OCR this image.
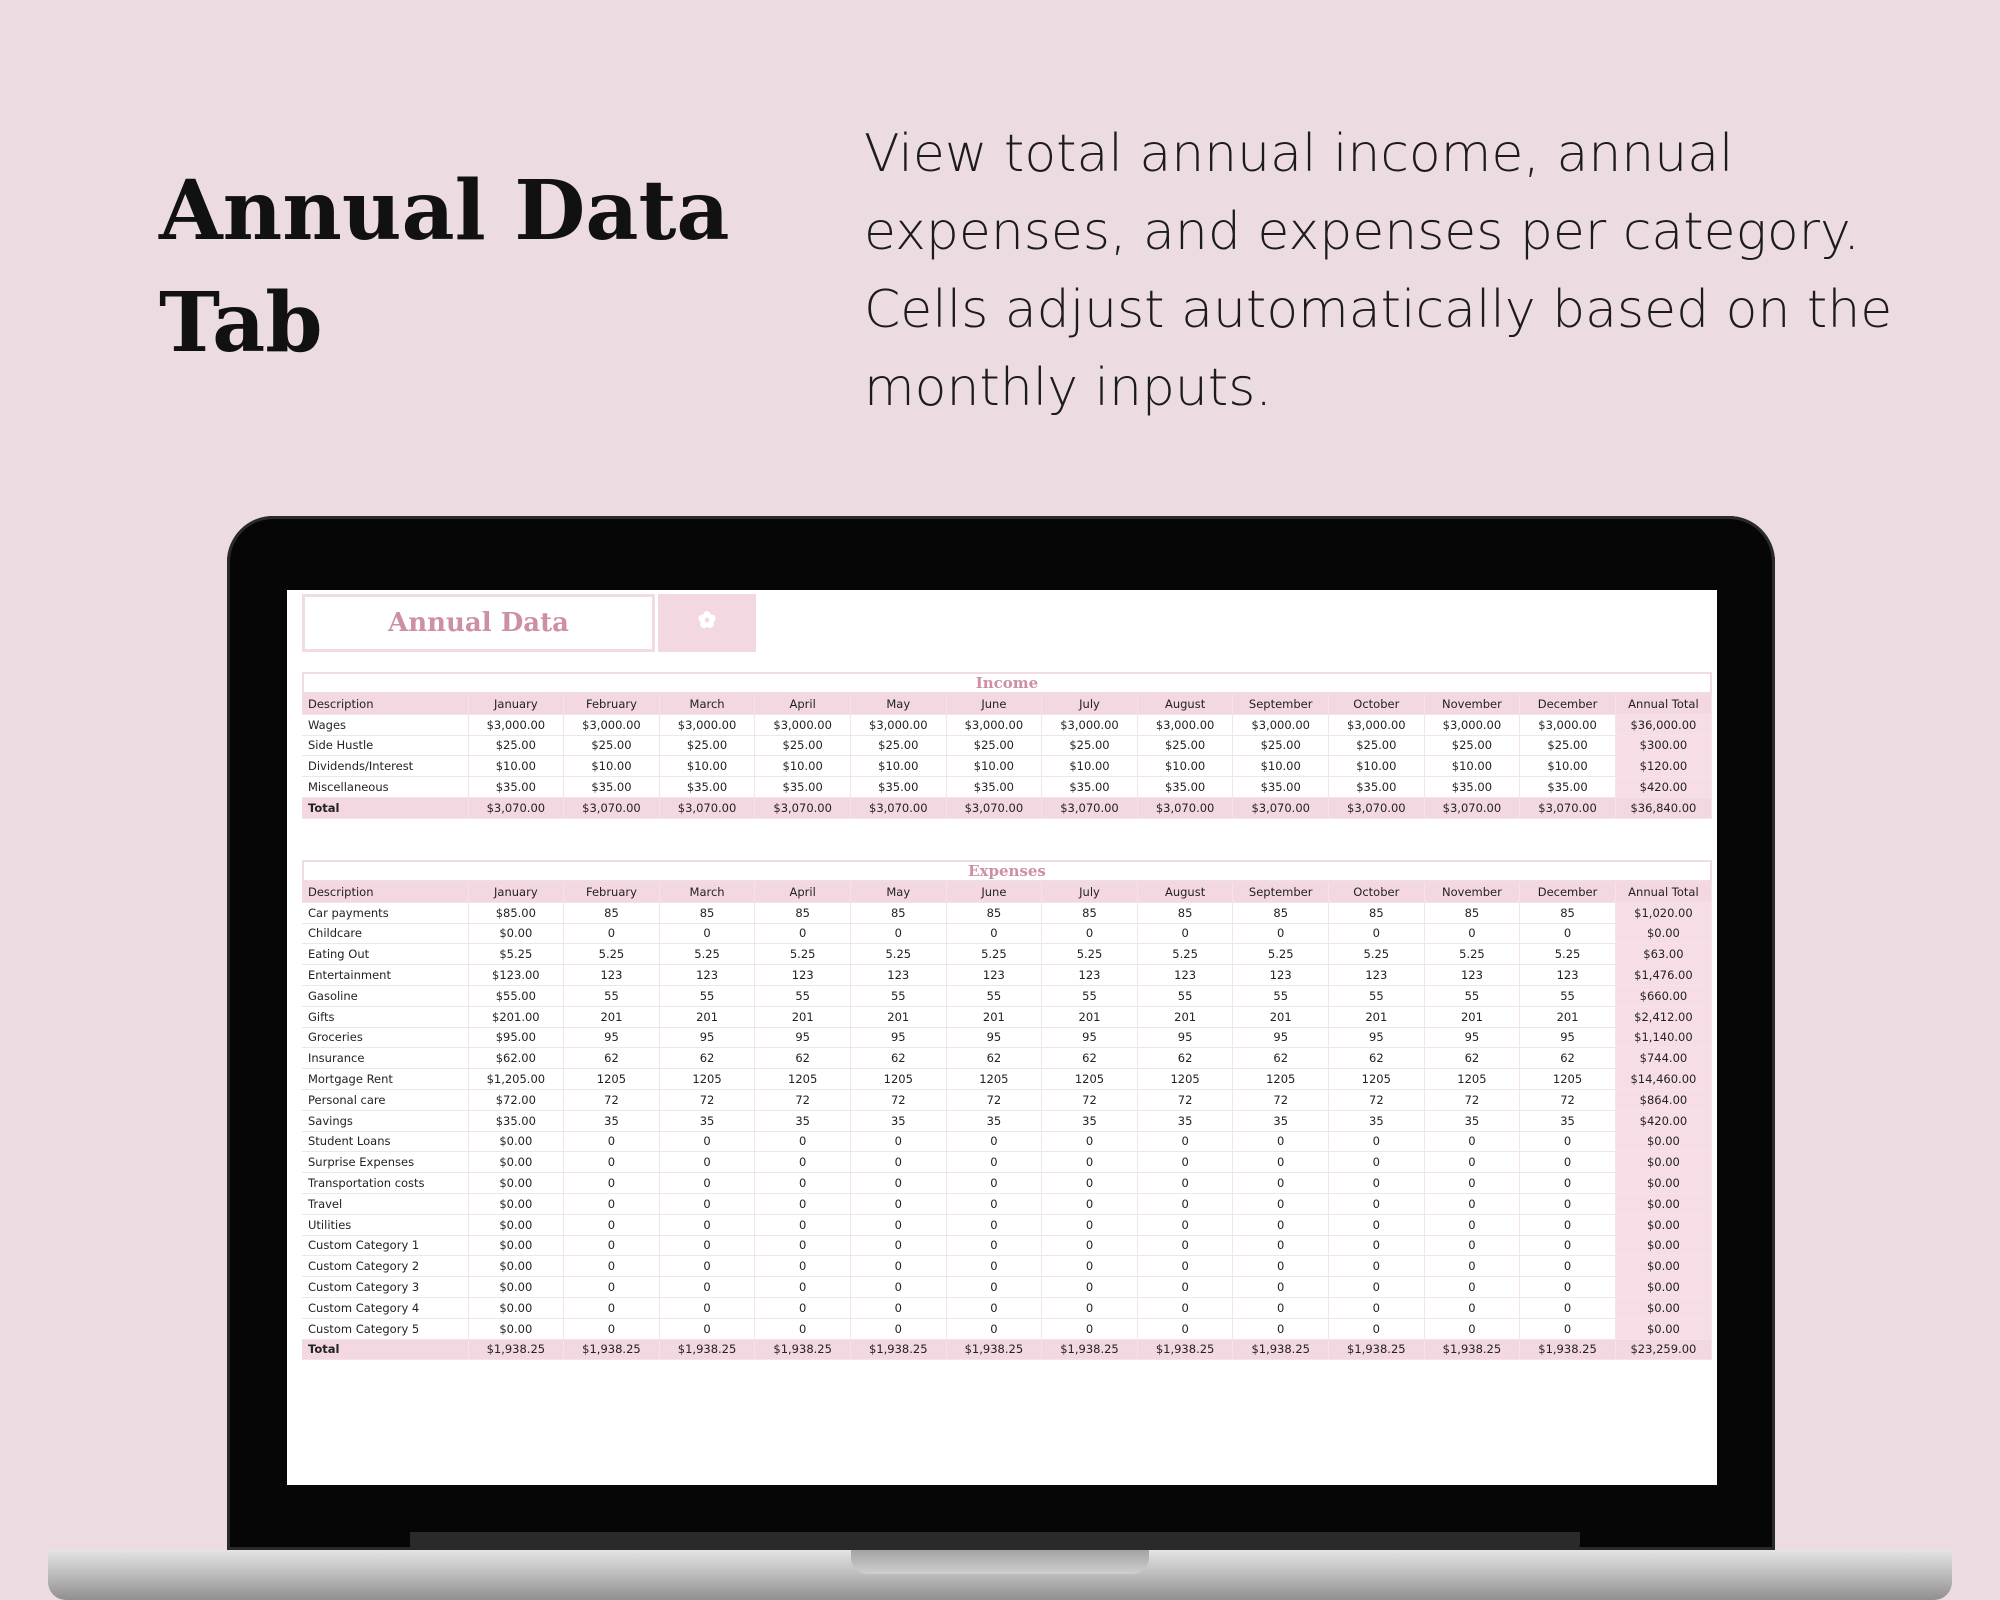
Annual Data Tab

View total annual income, annual expenses, and expenses per category. Cells adjust automatically based on the monthly inputs.

Annual Data
Income
Description	January	February	March	April	May	June	July	August	September	October	November	December	Annual Total
Wages	$3,000.00	$3,000.00	$3,000.00	$3,000.00	$3,000.00	$3,000.00	$3,000.00	$3,000.00	$3,000.00	$3,000.00	$3,000.00	$3,000.00	$36,000.00
Side Hustle	$25.00	$25.00	$25.00	$25.00	$25.00	$25.00	$25.00	$25.00	$25.00	$25.00	$25.00	$25.00	$300.00
Dividends/Interest	$10.00	$10.00	$10.00	$10.00	$10.00	$10.00	$10.00	$10.00	$10.00	$10.00	$10.00	$10.00	$120.00
Miscellaneous	$35.00	$35.00	$35.00	$35.00	$35.00	$35.00	$35.00	$35.00	$35.00	$35.00	$35.00	$35.00	$420.00
Total	$3,070.00	$3,070.00	$3,070.00	$3,070.00	$3,070.00	$3,070.00	$3,070.00	$3,070.00	$3,070.00	$3,070.00	$3,070.00	$3,070.00	$36,840.00
Expenses
Description	January	February	March	April	May	June	July	August	September	October	November	December	Annual Total
Car payments	$85.00	85	85	85	85	85	85	85	85	85	85	85	$1,020.00
Childcare	$0.00	0	0	0	0	0	0	0	0	0	0	0	$0.00
Eating Out	$5.25	5.25	5.25	5.25	5.25	5.25	5.25	5.25	5.25	5.25	5.25	5.25	$63.00
Entertainment	$123.00	123	123	123	123	123	123	123	123	123	123	123	$1,476.00
Gasoline	$55.00	55	55	55	55	55	55	55	55	55	55	55	$660.00
Gifts	$201.00	201	201	201	201	201	201	201	201	201	201	201	$2,412.00
Groceries	$95.00	95	95	95	95	95	95	95	95	95	95	95	$1,140.00
Insurance	$62.00	62	62	62	62	62	62	62	62	62	62	62	$744.00
Mortgage Rent	$1,205.00	1205	1205	1205	1205	1205	1205	1205	1205	1205	1205	1205	$14,460.00
Personal care	$72.00	72	72	72	72	72	72	72	72	72	72	72	$864.00
Savings	$35.00	35	35	35	35	35	35	35	35	35	35	35	$420.00
Student Loans	$0.00	0	0	0	0	0	0	0	0	0	0	0	$0.00
Surprise Expenses	$0.00	0	0	0	0	0	0	0	0	0	0	0	$0.00
Transportation costs	$0.00	0	0	0	0	0	0	0	0	0	0	0	$0.00
Travel	$0.00	0	0	0	0	0	0	0	0	0	0	0	$0.00
Utilities	$0.00	0	0	0	0	0	0	0	0	0	0	0	$0.00
Custom Category 1	$0.00	0	0	0	0	0	0	0	0	0	0	0	$0.00
Custom Category 2	$0.00	0	0	0	0	0	0	0	0	0	0	0	$0.00
Custom Category 3	$0.00	0	0	0	0	0	0	0	0	0	0	0	$0.00
Custom Category 4	$0.00	0	0	0	0	0	0	0	0	0	0	0	$0.00
Custom Category 5	$0.00	0	0	0	0	0	0	0	0	0	0	0	$0.00
Total	$1,938.25	$1,938.25	$1,938.25	$1,938.25	$1,938.25	$1,938.25	$1,938.25	$1,938.25	$1,938.25	$1,938.25	$1,938.25	$1,938.25	$23,259.00
